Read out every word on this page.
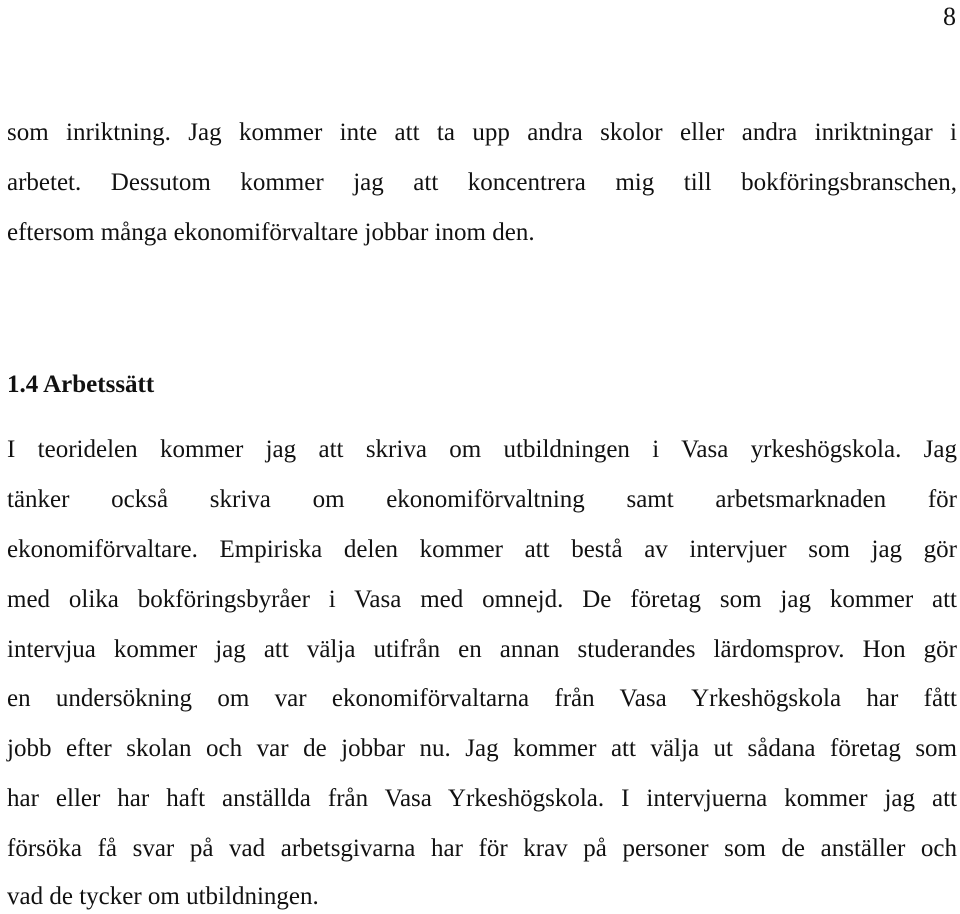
8
som inriktning. Jag kommer inte att ta upp andra skolor eller andra inriktningar i
arbetet. Dessutom kommer jag att koncentrera mig till bokföringsbranschen,
eftersom många ekonomiförvaltare jobbar inom den.
1.4 Arbetssätt
I teoridelen kommer jag att skriva om utbildningen i Vasa yrkeshögskola. Jag
tänker också skriva om ekonomiförvaltning samt arbetsmarknaden för
ekonomiförvaltare. Empiriska delen kommer att bestå av intervjuer som jag gör
med olika bokföringsbyråer i Vasa med omnejd. De företag som jag kommer att
intervjua kommer jag att välja utifrån en annan studerandes lärdomsprov. Hon gör
en undersökning om var ekonomiförvaltarna från Vasa Yrkeshögskola har fått
jobb efter skolan och var de jobbar nu. Jag kommer att välja ut sådana företag som
har eller har haft anställda från Vasa Yrkeshögskola. I intervjuerna kommer jag att
försöka få svar på vad arbetsgivarna har för krav på personer som de anställer och
vad de tycker om utbildningen.
